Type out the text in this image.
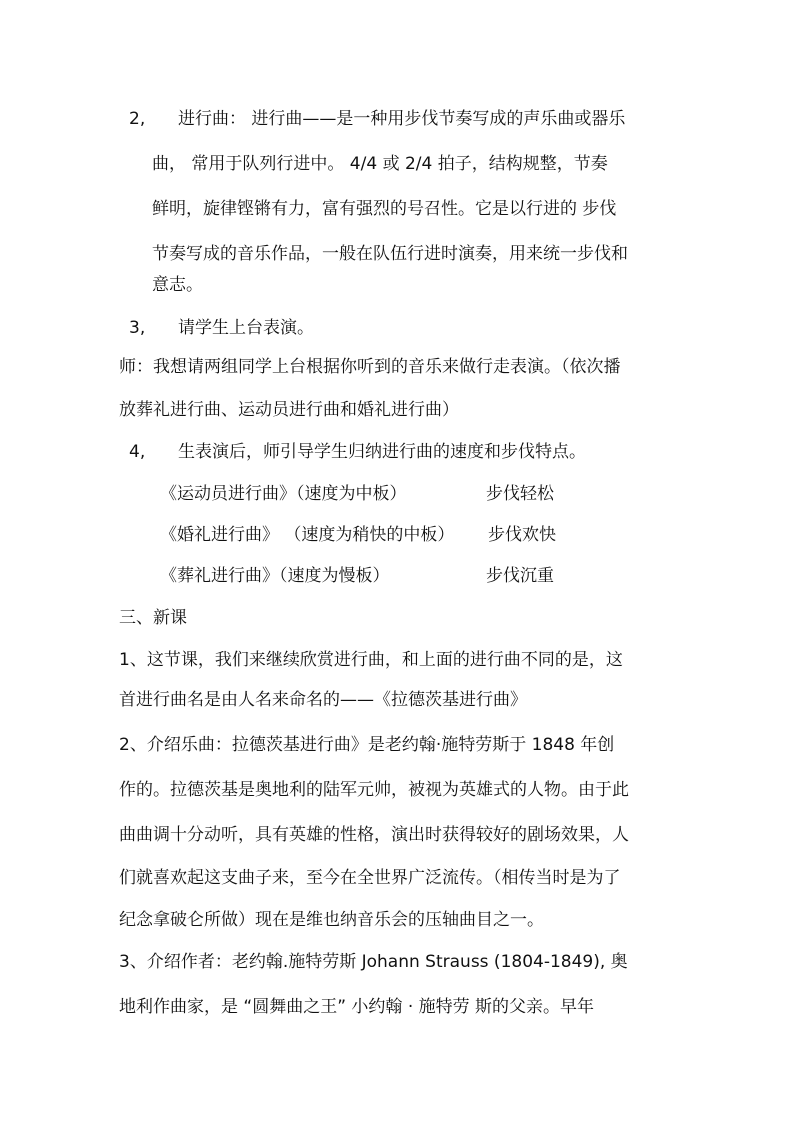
2, 进行曲： 进行曲——是一种用步伐节奏写成的声乐曲或器乐
曲， 常用于队列行进中。 4/4 或 2/4 拍子，结构规整，节奏
鲜明，旋律铿锵有力，富有强烈的号召性。它是以行进的 步伐
节奏写成的音乐作品，一般在队伍行进时演奏，用来统一步伐和
意志。
3, 请学生上台表演。
师：我想请两组同学上台根据你听到的音乐来做行走表演。（依次播
放葬礼进行曲、运动员进行曲和婚礼进行曲）
4, 生表演后，师引导学生归纳进行曲的速度和步伐特点。
《运动员进行曲》（速度为中板）	步伐轻松
《婚礼进行曲》 （速度为稍快的中板） 步伐欢快
《葬礼进行曲》（速度为慢板）	步伐沉重
三、新课
1、这节课，我们来继续欣赏进行曲，和上面的进行曲不同的是，这
首进行曲名是由人名来命名的——《拉德茨基进行曲》
2、介绍乐曲：拉德茨基进行曲》是老约翰·施特劳斯于 1848 年创
作的。拉德茨基是奥地利的陆军元帅，被视为英雄式的人物。由于此
曲曲调十分动听，具有英雄的性格，演出时获得较好的剧场效果，人
们就喜欢起这支曲子来，至今在全世界广泛流传。（相传当时是为了
纪念拿破仑所做）现在是维也纳音乐会的压轴曲目之一。
3、介绍作者：老约翰.施特劳斯 Johann Strauss (1804-1849), 奥
地利作曲家，是 “圆舞曲之王” 小约翰 · 施特劳 斯的父亲。早年
